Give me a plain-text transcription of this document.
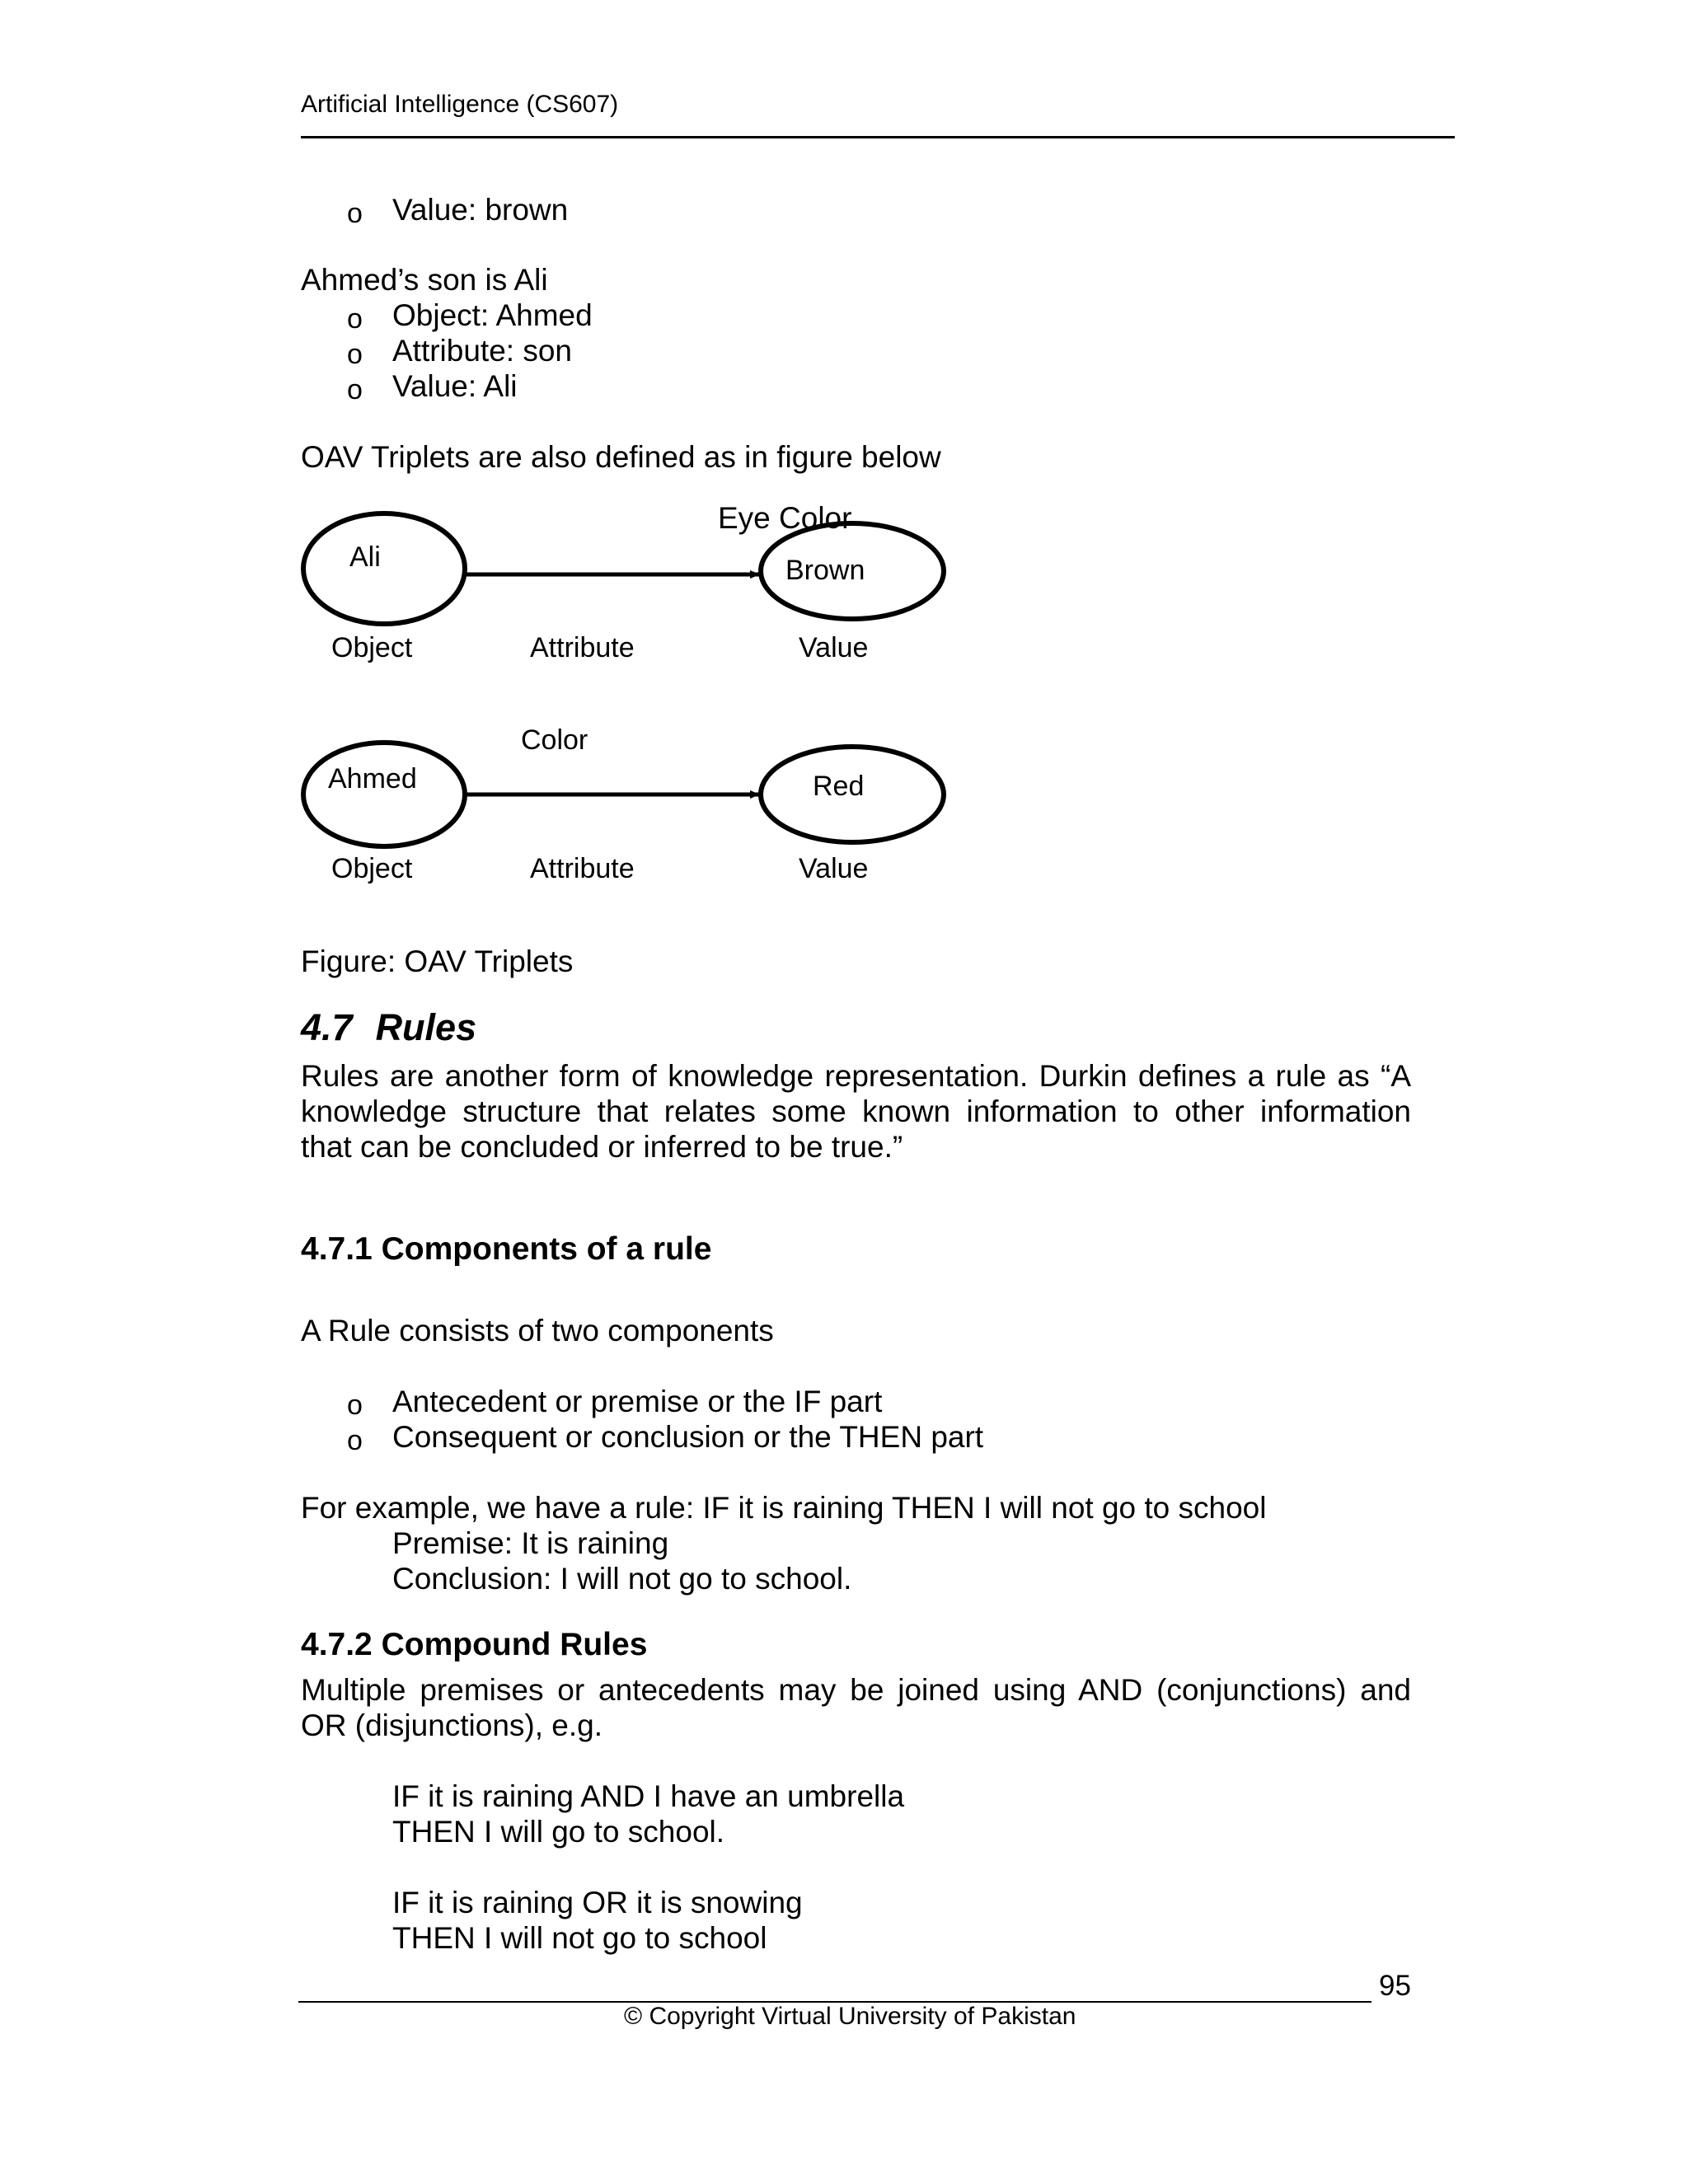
Artificial Intelligence (CS607)
o Value: brown
Ahmed’s son is Ali
o Object: Ahmed
o Attribute: son
o Value: Ali
OAV Triplets are also defined as in figure below
Eye Color
Ali	Brown
Object	Attribute	Value
Color
Ahmed	Red
Object	Attribute	Value
Figure: OAV Triplets
4.7 Rules
Rules are another form of knowledge representation. Durkin defines a rule as “A
knowledge structure that relates some known information to other information
that can be concluded or inferred to be true.”
4.7.1 Components of a rule
A Rule consists of two components
o Antecedent or premise or the IF part
o Consequent or conclusion or the THEN part
For example, we have a rule: IF it is raining THEN I will not go to school
Premise: It is raining
Conclusion: I will not go to school.
4.7.2 Compound Rules
Multiple premises or antecedents may be joined using AND (conjunctions) and
OR (disjunctions), e.g.
IF it is raining AND I have an umbrella
THEN I will go to school.
IF it is raining OR it is snowing
THEN I will not go to school
95
© Copyright Virtual University of Pakistan
